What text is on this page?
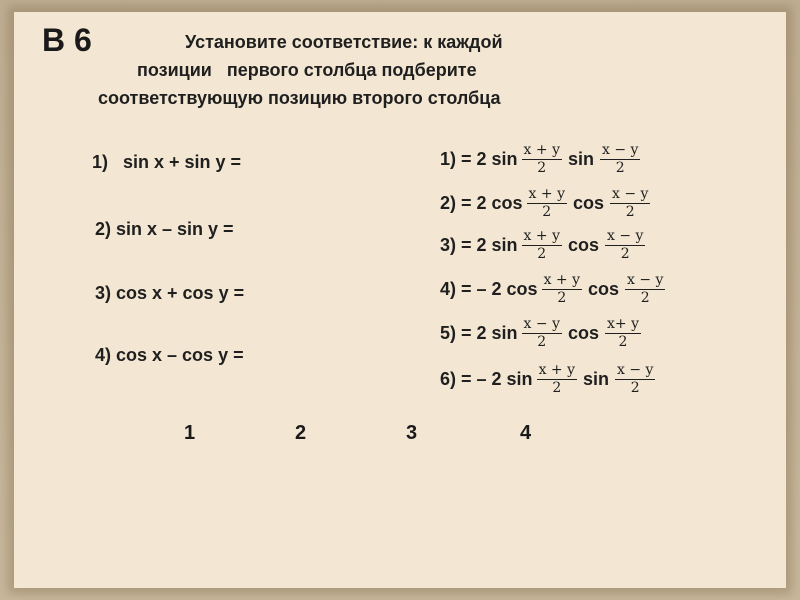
В 6	Установите соответствие: к каждой
позиции   первого столбца подберите
соответствующую позицию второго столбца
1)   sin x + sin y =
2) sin x – sin y =
3) cos x + cos y =
4) cos x – cos y =
1) = 2 $\sin \frac{x + y}{2}$ $\sin \frac{x - y}{2}$
2) = 2 $\cos \frac{x + y}{2}$ $\cos \frac{x - y}{2}$
3) = 2 $\sin \frac{x + y}{2}$ $\cos \frac{x - y}{2}$
4) = – 2 $\cos \frac{x + y}{2}$ $\cos \frac{x - y}{2}$
5) = 2 $\sin \frac{x - y}{2}$ $\cos \frac{x+ y}{2}$
6) = – 2 $\sin \frac{x + y}{2}$ $\sin \frac{x - y}{2}$
1	2	3	4
